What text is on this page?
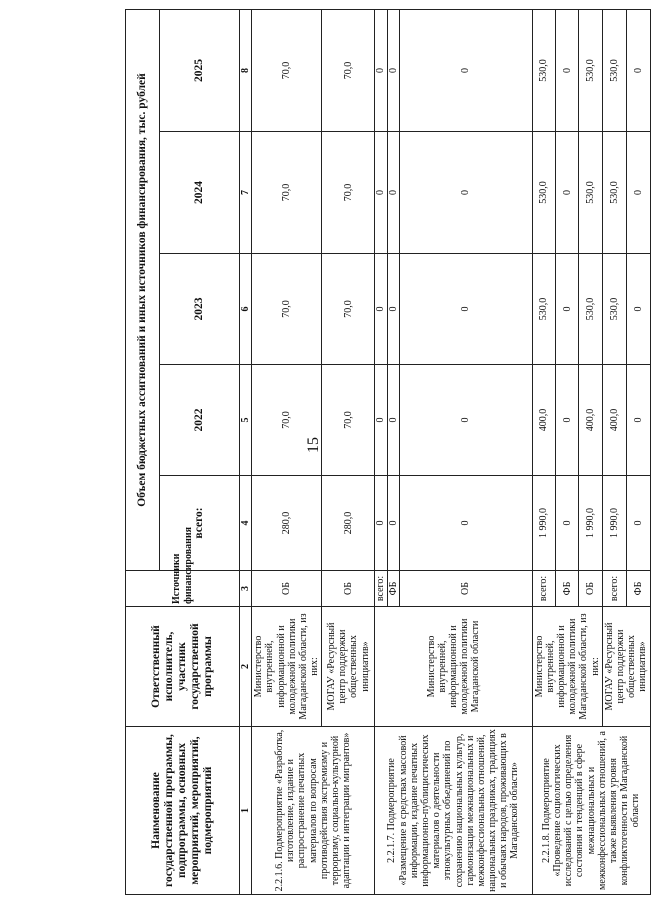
15
Наименование государственной программы, подпрограммы, основных мероприятий, мероприятий, подмероприятий	Ответственный исполнитель, участник государственной программы	Источники финансирования	Объем бюджетных ассигнований и иных источников финансирования, тыс. рублей				
			всего:	2022	2023	2024	2025
1	2	3	4	5	6	7	8
2.2.1.6. Подмероприятие «Разработка, изготовление, издание и распространение печатных материалов по вопросам противодействия экстремизму и терроризму, социально-культурной адаптации и интеграции мигрантов»	Министерство внутренней, информационной и молодежной политики Магаданской области, из них:	ОБ	280,0	70,0	70,0	70,0	70,0
	МОГАУ «Ресурсный центр поддержки общественных инициатив»	ОБ	280,0	70,0	70,0	70,0	70,0
2.2.1.7. Подмероприятие «Размещение в средствах массовой информации, издание печатных информационно-публицистических материалов о деятельности этнокультурных объединений по сохранению национальных культур, гармонизации межнациональных и межконфессиональных отношений, национальных праздниках, традициях и обычаях народов, проживающих в Магаданской области»	Министерство внутренней, информационной и молодежной политики Магаданской области	всего:	0	0	0	0	0
		ФБ	0	0	0	0	0
		ОБ	0	0	0	0	0
2.2.1.8. Подмероприятие «Проведение социологических исследований с целью определения состояния и тенденций в сфере межнациональных и межконфессиональных отношений, а также выявления уровня конфликтогенности в Магаданской области	Министерство внутренней, информационной и молодежной политики Магаданской области, из них:	всего:	1 990,0	400,0	530,0	530,0	530,0
		ФБ	0	0	0	0	0
		ОБ	1 990,0	400,0	530,0	530,0	530,0
	МОГАУ «Ресурсный центр поддержки общественных инициатив»	всего:	1 990,0	400,0	530,0	530,0	530,0
		ФБ	0	0	0	0	0
